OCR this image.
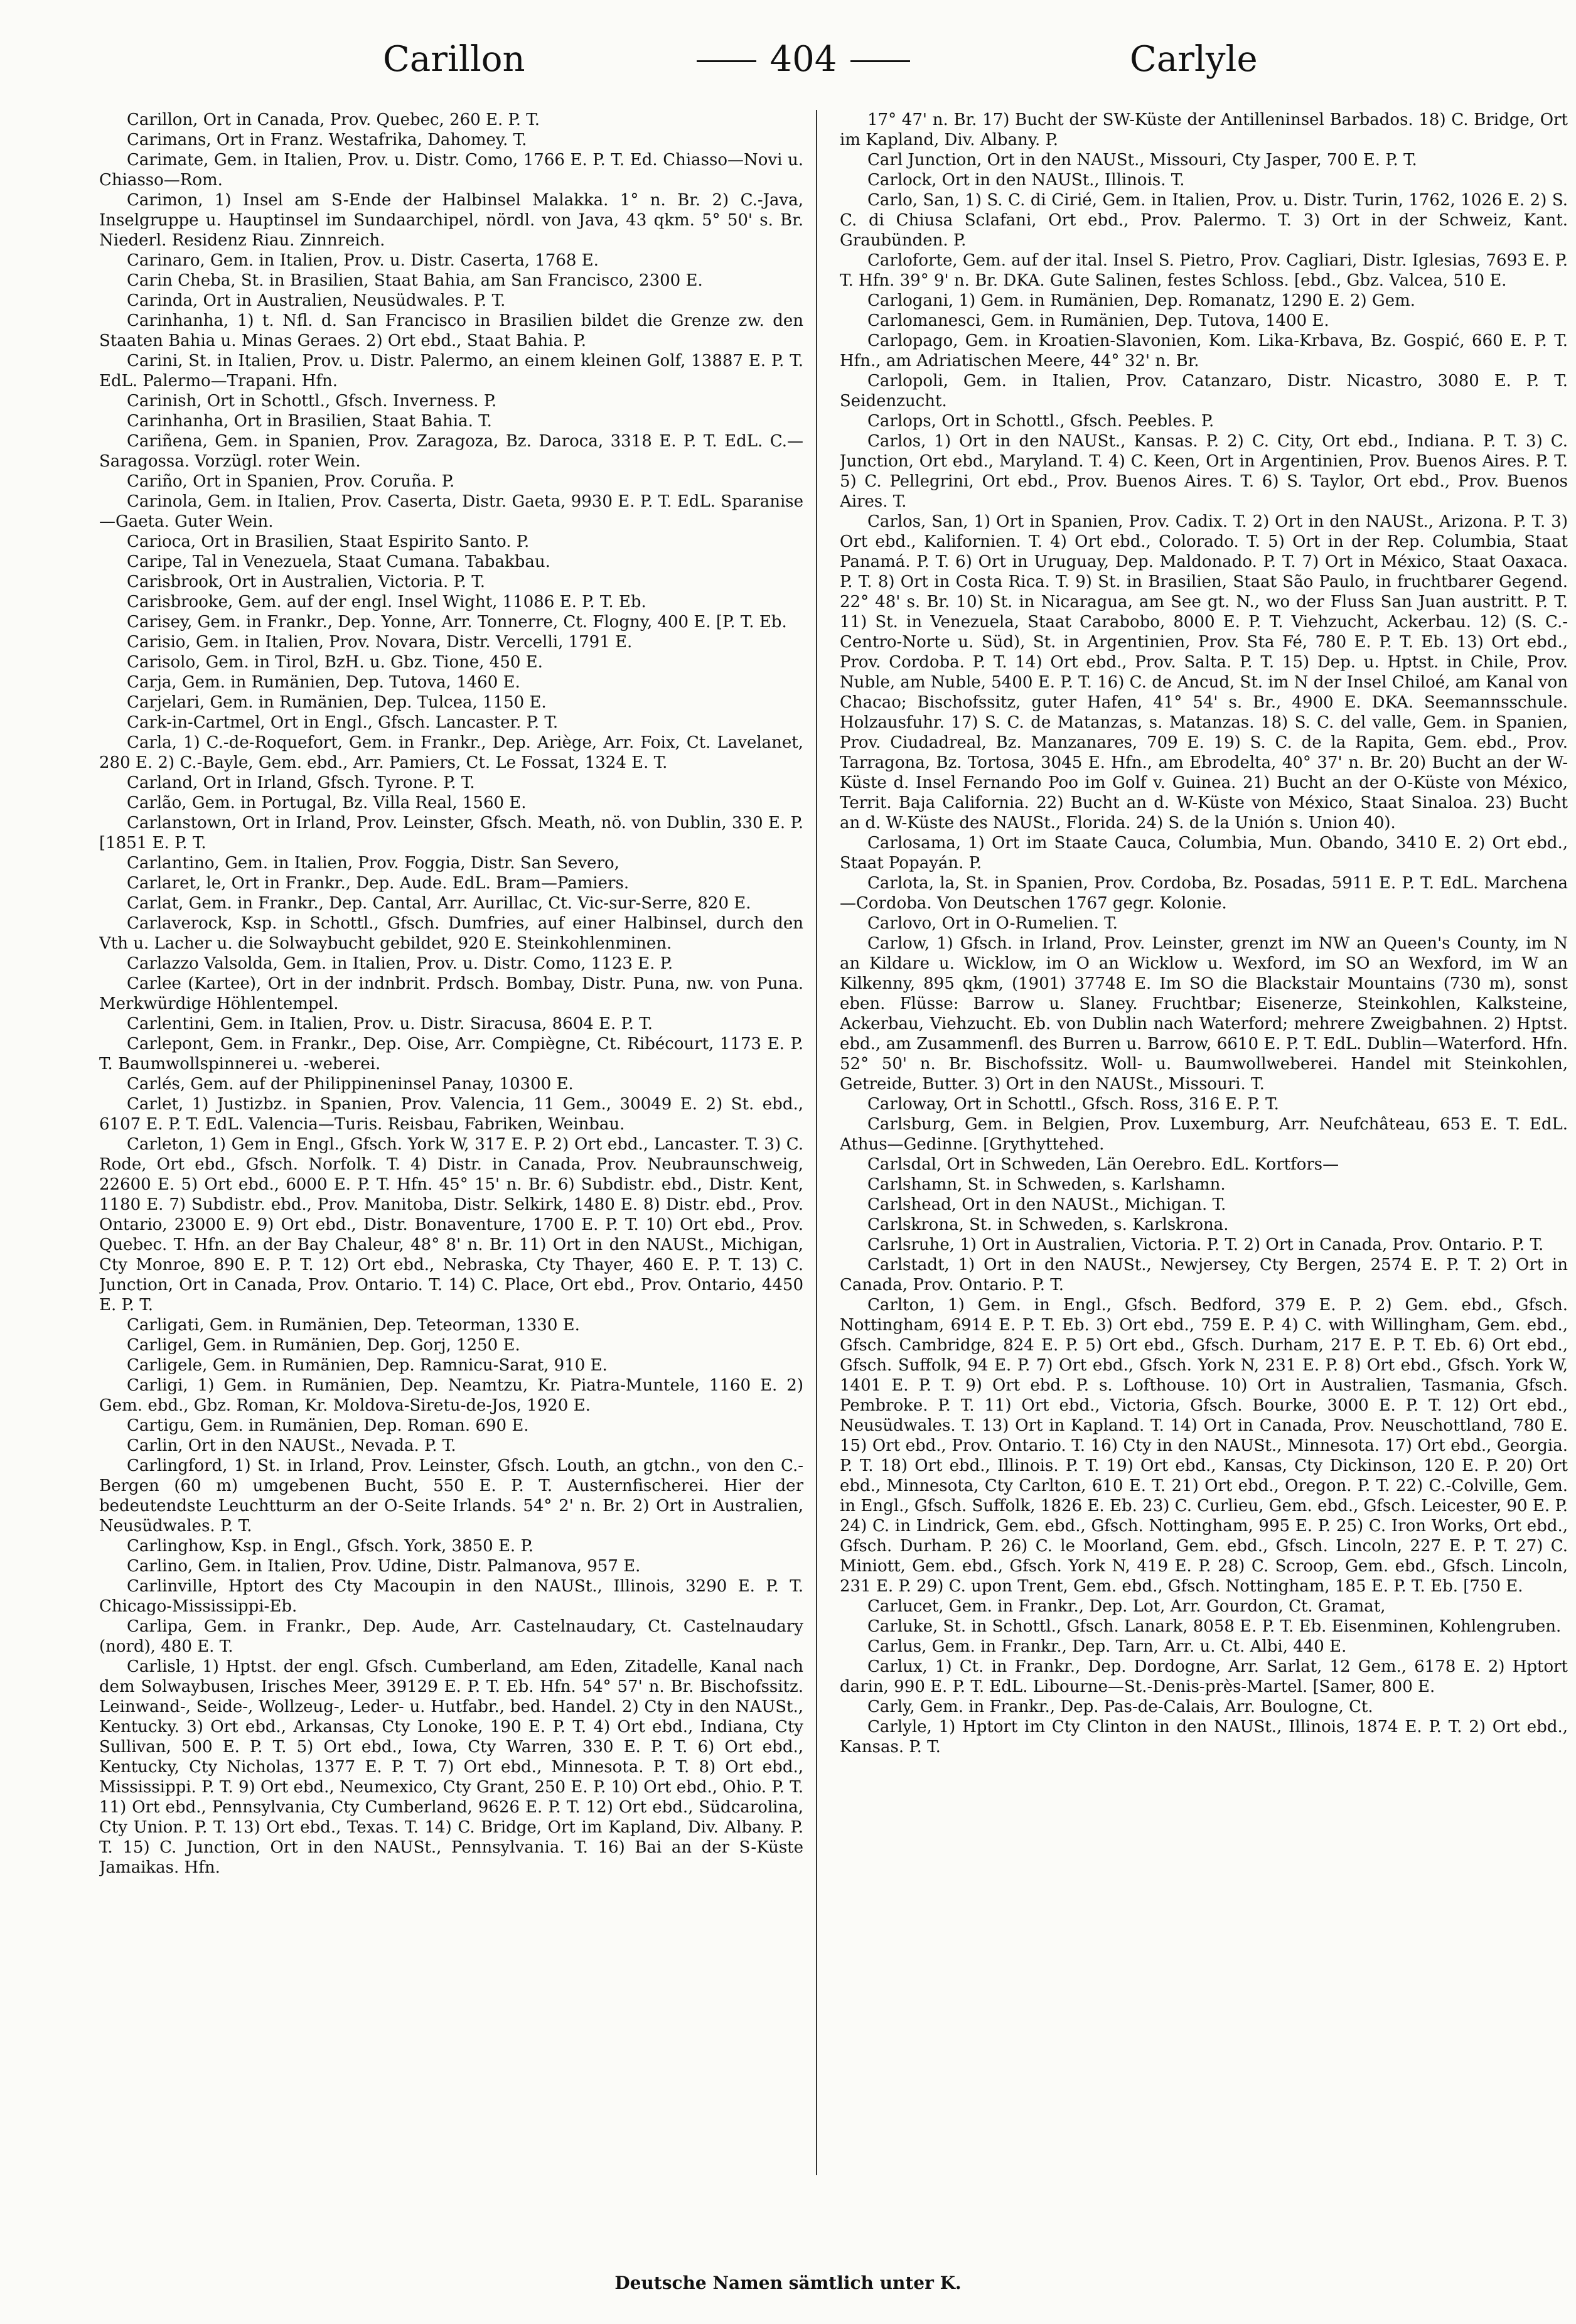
Carillon	404	Carlyle

Carillon, Ort in Canada, Prov. Quebec, 260 E. P. T.

Carimans, Ort in Franz. Westafrika, Dahomey. T.

Carimate, Gem. in Italien, Prov. u. Distr. Como, 1766 E. P. T. Ed. Chiasso—Novi u. Chiasso—Rom.

Carimon, 1) Insel am S-Ende der Halbinsel Malakka. 1° n. Br. 2) C.-Java, Inselgruppe u. Hauptinsel im Sundaarchipel, nördl. von Java, 43 qkm. 5° 50' s. Br. Niederl. Residenz Riau. Zinnreich.

Carinaro, Gem. in Italien, Prov. u. Distr. Caserta, 1768 E.

Carin Cheba, St. in Brasilien, Staat Bahia, am San Francisco, 2300 E.

Carinda, Ort in Australien, Neusüdwales. P. T.

Carinhanha, 1) t. Nfl. d. San Francisco in Brasilien bildet die Grenze zw. den Staaten Bahia u. Minas Geraes. 2) Ort ebd., Staat Bahia. P.

Carini, St. in Italien, Prov. u. Distr. Palermo, an einem kleinen Golf, 13887 E. P. T. EdL. Palermo—Trapani. Hfn.

Carinish, Ort in Schottl., Gfsch. Inverness. P.

Carinhanha, Ort in Brasilien, Staat Bahia. T.

Cariñena, Gem. in Spanien, Prov. Zaragoza, Bz. Daroca, 3318 E. P. T. EdL. C.—Saragossa. Vorzügl. roter Wein.

Cariño, Ort in Spanien, Prov. Coruña. P.

Carinola, Gem. in Italien, Prov. Caserta, Distr. Gaeta, 9930 E. P. T. EdL. Sparanise—Gaeta. Guter Wein.

Carioca, Ort in Brasilien, Staat Espirito Santo. P.

Caripe, Tal in Venezuela, Staat Cumana. Tabakbau.

Carisbrook, Ort in Australien, Victoria. P. T.

Carisbrooke, Gem. auf der engl. Insel Wight, 11086 E. P. T. Eb.

Carisey, Gem. in Frankr., Dep. Yonne, Arr. Tonnerre, Ct. Flogny, 400 E. [P. T. Eb.

Carisio, Gem. in Italien, Prov. Novara, Distr. Vercelli, 1791 E.

Carisolo, Gem. in Tirol, BzH. u. Gbz. Tione, 450 E.

Carja, Gem. in Rumänien, Dep. Tutova, 1460 E.

Carjelari, Gem. in Rumänien, Dep. Tulcea, 1150 E.

Cark-in-Cartmel, Ort in Engl., Gfsch. Lancaster. P. T.

Carla, 1) C.-de-Roquefort, Gem. in Frankr., Dep. Ariège, Arr. Foix, Ct. Lavelanet, 280 E. 2) C.-Bayle, Gem. ebd., Arr. Pamiers, Ct. Le Fossat, 1324 E. T.

Carland, Ort in Irland, Gfsch. Tyrone. P. T.

Carlão, Gem. in Portugal, Bz. Villa Real, 1560 E.

Carlanstown, Ort in Irland, Prov. Leinster, Gfsch. Meath, nö. von Dublin, 330 E. P. [1851 E. P. T.

Carlantino, Gem. in Italien, Prov. Foggia, Distr. San Severo,

Carlaret, le, Ort in Frankr., Dep. Aude. EdL. Bram—Pamiers.

Carlat, Gem. in Frankr., Dep. Cantal, Arr. Aurillac, Ct. Vic-sur-Serre, 820 E.

Carlaverock, Ksp. in Schottl., Gfsch. Dumfries, auf einer Halbinsel, durch den Vth u. Lacher u. die Solwaybucht gebildet, 920 E. Steinkohlenminen.

Carlazzo Valsolda, Gem. in Italien, Prov. u. Distr. Como, 1123 E. P.

Carlee (Kartee), Ort in der indnbrit. Prdsch. Bombay, Distr. Puna, nw. von Puna. Merkwürdige Höhlentempel.

Carlentini, Gem. in Italien, Prov. u. Distr. Siracusa, 8604 E. P. T.

Carlepont, Gem. in Frankr., Dep. Oise, Arr. Compiègne, Ct. Ribécourt, 1173 E. P. T. Baumwollspinnerei u. -weberei.

Carlés, Gem. auf der Philippineninsel Panay, 10300 E.

Carlet, 1) Justizbz. in Spanien, Prov. Valencia, 11 Gem., 30049 E. 2) St. ebd., 6107 E. P. T. EdL. Valencia—Turis. Reisbau, Fabriken, Weinbau.

Carleton, 1) Gem in Engl., Gfsch. York W, 317 E. P. 2) Ort ebd., Lancaster. T. 3) C. Rode, Ort ebd., Gfsch. Norfolk. T. 4) Distr. in Canada, Prov. Neubraunschweig, 22600 E. 5) Ort ebd., 6000 E. P. T. Hfn. 45° 15' n. Br. 6) Subdistr. ebd., Distr. Kent, 1180 E. 7) Subdistr. ebd., Prov. Manitoba, Distr. Selkirk, 1480 E. 8) Distr. ebd., Prov. Ontario, 23000 E. 9) Ort ebd., Distr. Bonaventure, 1700 E. P. T. 10) Ort ebd., Prov. Quebec. T. Hfn. an der Bay Chaleur, 48° 8' n. Br. 11) Ort in den NAUSt., Michigan, Cty Monroe, 890 E. P. T. 12) Ort ebd., Nebraska, Cty Thayer, 460 E. P. T. 13) C. Junction, Ort in Canada, Prov. Ontario. T. 14) C. Place, Ort ebd., Prov. Ontario, 4450 E. P. T.

Carligati, Gem. in Rumänien, Dep. Teteorman, 1330 E.

Carligel, Gem. in Rumänien, Dep. Gorj, 1250 E.

Carligele, Gem. in Rumänien, Dep. Ramnicu-Sarat, 910 E.

Carligi, 1) Gem. in Rumänien, Dep. Neamtzu, Kr. Piatra-Muntele, 1160 E. 2) Gem. ebd., Gbz. Roman, Kr. Moldova-Siretu-de-Jos, 1920 E.

Cartigu, Gem. in Rumänien, Dep. Roman. 690 E.

Carlin, Ort in den NAUSt., Nevada. P. T.

Carlingford, 1) St. in Irland, Prov. Leinster, Gfsch. Louth, an gtchn., von den C.-Bergen (60 m) umgebenen Bucht, 550 E. P. T. Austernfischerei. Hier der bedeutendste Leuchtturm an der O-Seite Irlands. 54° 2' n. Br. 2) Ort in Australien, Neusüdwales. P. T.

Carlinghow, Ksp. in Engl., Gfsch. York, 3850 E. P.

Carlino, Gem. in Italien, Prov. Udine, Distr. Palmanova, 957 E.

Carlinville, Hptort des Cty Macoupin in den NAUSt., Illinois, 3290 E. P. T. Chicago-Mississippi-Eb.

Carlipa, Gem. in Frankr., Dep. Aude, Arr. Castelnaudary, Ct. Castelnaudary (nord), 480 E. T.

Carlisle, 1) Hptst. der engl. Gfsch. Cumberland, am Eden, Zitadelle, Kanal nach dem Solwaybusen, Irisches Meer, 39129 E. P. T. Eb. Hfn. 54° 57' n. Br. Bischofssitz. Leinwand-, Seide-, Wollzeug-, Leder- u. Hutfabr., bed. Handel. 2) Cty in den NAUSt., Kentucky. 3) Ort ebd., Arkansas, Cty Lonoke, 190 E. P. T. 4) Ort ebd., Indiana, Cty Sullivan, 500 E. P. T. 5) Ort ebd., Iowa, Cty Warren, 330 E. P. T. 6) Ort ebd., Kentucky, Cty Nicholas, 1377 E. P. T. 7) Ort ebd., Minnesota. P. T. 8) Ort ebd., Mississippi. P. T. 9) Ort ebd., Neumexico, Cty Grant, 250 E. P. 10) Ort ebd., Ohio. P. T. 11) Ort ebd., Pennsylvania, Cty Cumberland, 9626 E. P. T. 12) Ort ebd., Südcarolina, Cty Union. P. T. 13) Ort ebd., Texas. T. 14) C. Bridge, Ort im Kapland, Div. Albany. P. T. 15) C. Junction, Ort in den NAUSt., Pennsylvania. T. 16) Bai an der S-Küste Jamaikas. Hfn.

17° 47' n. Br. 17) Bucht der SW-Küste der Antilleninsel Barbados. 18) C. Bridge, Ort im Kapland, Div. Albany. P.

Carl Junction, Ort in den NAUSt., Missouri, Cty Jasper, 700 E. P. T.

Carlock, Ort in den NAUSt., Illinois. T.

Carlo, San, 1) S. C. di Cirié, Gem. in Italien, Prov. u. Distr. Turin, 1762, 1026 E. 2) S. C. di Chiusa Sclafani, Ort ebd., Prov. Palermo. T. 3) Ort in der Schweiz, Kant. Graubünden. P.

Carloforte, Gem. auf der ital. Insel S. Pietro, Prov. Cagliari, Distr. Iglesias, 7693 E. P. T. Hfn. 39° 9' n. Br. DKA. Gute Salinen, festes Schloss. [ebd., Gbz. Valcea, 510 E.

Carlogani, 1) Gem. in Rumänien, Dep. Romanatz, 1290 E. 2) Gem.

Carlomanesci, Gem. in Rumänien, Dep. Tutova, 1400 E.

Carlopago, Gem. in Kroatien-Slavonien, Kom. Lika-Krbava, Bz. Gospić, 660 E. P. T. Hfn., am Adriatischen Meere, 44° 32' n. Br.

Carlopoli, Gem. in Italien, Prov. Catanzaro, Distr. Nicastro, 3080 E. P. T. Seidenzucht.

Carlops, Ort in Schottl., Gfsch. Peebles. P.

Carlos, 1) Ort in den NAUSt., Kansas. P. 2) C. City, Ort ebd., Indiana. P. T. 3) C. Junction, Ort ebd., Maryland. T. 4) C. Keen, Ort in Argentinien, Prov. Buenos Aires. P. T. 5) C. Pellegrini, Ort ebd., Prov. Buenos Aires. T. 6) S. Taylor, Ort ebd., Prov. Buenos Aires. T.

Carlos, San, 1) Ort in Spanien, Prov. Cadix. T. 2) Ort in den NAUSt., Arizona. P. T. 3) Ort ebd., Kalifornien. T. 4) Ort ebd., Colorado. T. 5) Ort in der Rep. Columbia, Staat Panamá. P. T. 6) Ort in Uruguay, Dep. Maldonado. P. T. 7) Ort in México, Staat Oaxaca. P. T. 8) Ort in Costa Rica. T. 9) St. in Brasilien, Staat São Paulo, in fruchtbarer Gegend. 22° 48' s. Br. 10) St. in Nicaragua, am See gt. N., wo der Fluss San Juan austritt. P. T. 11) St. in Venezuela, Staat Carabobo, 8000 E. P. T. Viehzucht, Ackerbau. 12) (S. C.-Centro-Norte u. Süd), St. in Argentinien, Prov. Sta Fé, 780 E. P. T. Eb. 13) Ort ebd., Prov. Cordoba. P. T. 14) Ort ebd., Prov. Salta. P. T. 15) Dep. u. Hptst. in Chile, Prov. Nuble, am Nuble, 5400 E. P. T. 16) C. de Ancud, St. im N der Insel Chiloé, am Kanal von Chacao; Bischofssitz, guter Hafen, 41° 54' s. Br., 4900 E. DKA. Seemannsschule. Holzausfuhr. 17) S. C. de Matanzas, s. Matanzas. 18) S. C. del valle, Gem. in Spanien, Prov. Ciudadreal, Bz. Manzanares, 709 E. 19) S. C. de la Rapita, Gem. ebd., Prov. Tarragona, Bz. Tortosa, 3045 E. Hfn., am Ebrodelta, 40° 37' n. Br. 20) Bucht an der W-Küste d. Insel Fernando Poo im Golf v. Guinea. 21) Bucht an der O-Küste von México, Territ. Baja California. 22) Bucht an d. W-Küste von México, Staat Sinaloa. 23) Bucht an d. W-Küste des NAUSt., Florida. 24) S. de la Unión s. Union 40).

Carlosama, 1) Ort im Staate Cauca, Columbia, Mun. Obando, 3410 E. 2) Ort ebd., Staat Popayán. P.

Carlota, la, St. in Spanien, Prov. Cordoba, Bz. Posadas, 5911 E. P. T. EdL. Marchena—Cordoba. Von Deutschen 1767 gegr. Kolonie.

Carlovo, Ort in O-Rumelien. T.

Carlow, 1) Gfsch. in Irland, Prov. Leinster, grenzt im NW an Queen's County, im N an Kildare u. Wicklow, im O an Wicklow u. Wexford, im SO an Wexford, im W an Kilkenny, 895 qkm, (1901) 37748 E. Im SO die Blackstair Mountains (730 m), sonst eben. Flüsse: Barrow u. Slaney. Fruchtbar; Eisenerze, Steinkohlen, Kalksteine, Ackerbau, Viehzucht. Eb. von Dublin nach Waterford; mehrere Zweigbahnen. 2) Hptst. ebd., am Zusammenfl. des Burren u. Barrow, 6610 E. P. T. EdL. Dublin—Waterford. Hfn. 52° 50' n. Br. Bischofssitz. Woll- u. Baumwollweberei. Handel mit Steinkohlen, Getreide, Butter. 3) Ort in den NAUSt., Missouri. T.

Carloway, Ort in Schottl., Gfsch. Ross, 316 E. P. T.

Carlsburg, Gem. in Belgien, Prov. Luxemburg, Arr. Neufchâteau, 653 E. T. EdL. Athus—Gedinne. [Grythyttehed.

Carlsdal, Ort in Schweden, Län Oerebro. EdL. Kortfors—

Carlshamn, St. in Schweden, s. Karlshamn.

Carlshead, Ort in den NAUSt., Michigan. T.

Carlskrona, St. in Schweden, s. Karlskrona.

Carlsruhe, 1) Ort in Australien, Victoria. P. T. 2) Ort in Canada, Prov. Ontario. P. T.

Carlstadt, 1) Ort in den NAUSt., Newjersey, Cty Bergen, 2574 E. P. T. 2) Ort in Canada, Prov. Ontario. P. T.

Carlton, 1) Gem. in Engl., Gfsch. Bedford, 379 E. P. 2) Gem. ebd., Gfsch. Nottingham, 6914 E. P. T. Eb. 3) Ort ebd., 759 E. P. 4) C. with Willingham, Gem. ebd., Gfsch. Cambridge, 824 E. P. 5) Ort ebd., Gfsch. Durham, 217 E. P. T. Eb. 6) Ort ebd., Gfsch. Suffolk, 94 E. P. 7) Ort ebd., Gfsch. York N, 231 E. P. 8) Ort ebd., Gfsch. York W, 1401 E. P. T. 9) Ort ebd. P. s. Lofthouse. 10) Ort in Australien, Tasmania, Gfsch. Pembroke. P. T. 11) Ort ebd., Victoria, Gfsch. Bourke, 3000 E. P. T. 12) Ort ebd., Neusüdwales. T. 13) Ort in Kapland. T. 14) Ort in Canada, Prov. Neuschottland, 780 E. 15) Ort ebd., Prov. Ontario. T. 16) Cty in den NAUSt., Minnesota. 17) Ort ebd., Georgia. P. T. 18) Ort ebd., Illinois. P. T. 19) Ort ebd., Kansas, Cty Dickinson, 120 E. P. 20) Ort ebd., Minnesota, Cty Carlton, 610 E. T. 21) Ort ebd., Oregon. P. T. 22) C.-Colville, Gem. in Engl., Gfsch. Suffolk, 1826 E. Eb. 23) C. Curlieu, Gem. ebd., Gfsch. Leicester, 90 E. P. 24) C. in Lindrick, Gem. ebd., Gfsch. Nottingham, 995 E. P. 25) C. Iron Works, Ort ebd., Gfsch. Durham. P. 26) C. le Moorland, Gem. ebd., Gfsch. Lincoln, 227 E. P. T. 27) C. Miniott, Gem. ebd., Gfsch. York N, 419 E. P. 28) C. Scroop, Gem. ebd., Gfsch. Lincoln, 231 E. P. 29) C. upon Trent, Gem. ebd., Gfsch. Nottingham, 185 E. P. T. Eb. [750 E.

Carlucet, Gem. in Frankr., Dep. Lot, Arr. Gourdon, Ct. Gramat,

Carluke, St. in Schottl., Gfsch. Lanark, 8058 E. P. T. Eb. Eisenminen, Kohlengruben.

Carlus, Gem. in Frankr., Dep. Tarn, Arr. u. Ct. Albi, 440 E.

Carlux, 1) Ct. in Frankr., Dep. Dordogne, Arr. Sarlat, 12 Gem., 6178 E. 2) Hptort darin, 990 E. P. T. EdL. Libourne—St.-Denis-près-Martel. [Samer, 800 E.

Carly, Gem. in Frankr., Dep. Pas-de-Calais, Arr. Boulogne, Ct.

Carlyle, 1) Hptort im Cty Clinton in den NAUSt., Illinois, 1874 E. P. T. 2) Ort ebd., Kansas. P. T.

Deutsche Namen sämtlich unter K.
